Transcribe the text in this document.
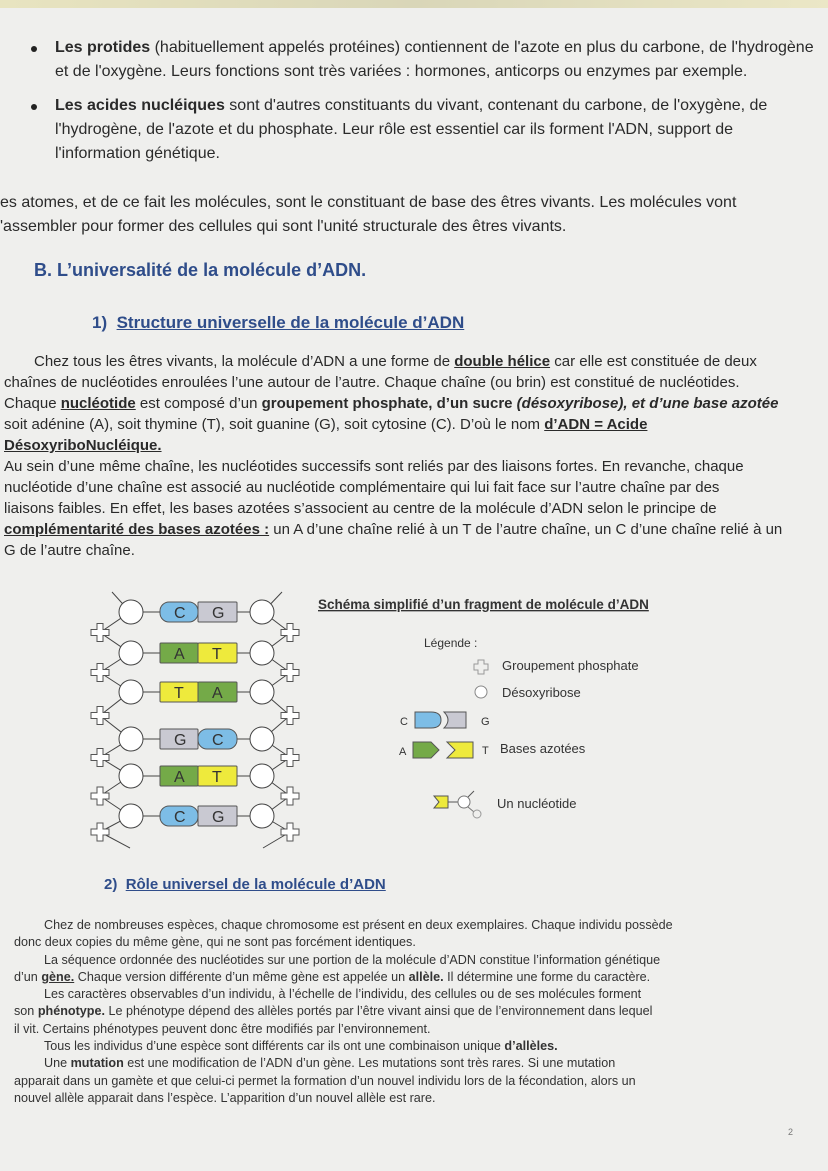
Les protides (habituellement appelés protéines) contiennent de l'azote en plus du carbone, de l'hydrogène
et de l'oxygène. Leurs fonctions sont très variées : hormones, anticorps ou enzymes par exemple.
Les acides nucléiques sont d'autres constituants du vivant, contenant du carbone, de l'oxygène, de
l'hydrogène, de l'azote et du phosphate. Leur rôle est essentiel car ils forment l'ADN, support de
l'information génétique.
es atomes, et de ce fait les molécules, sont le constituant de base des êtres vivants. Les molécules vont
'assembler pour former des cellules qui sont l'unité structurale des êtres vivants.
B. L’universalité de la molécule d’ADN.
1) Structure universelle de la molécule d’ADN
Chez tous les êtres vivants, la molécule d’ADN a une forme de double hélice car elle est constituée de deux
chaînes de nucléotides enroulées l’une autour de l’autre. Chaque chaîne (ou brin) est constitué de nucléotides.
Chaque nucléotide est composé d’un groupement phosphate, d’un sucre (désoxyribose), et d’une base azotée
soit adénine (A), soit thymine (T), soit guanine (G), soit cytosine (C). D’où le nom d’ADN = Acide
DésoxyriboNucléique.
Au sein d’une même chaîne, les nucléotides successifs sont reliés par des liaisons fortes. En revanche, chaque
nucléotide d’une chaîne est associé au nucléotide complémentaire qui lui fait face sur l’autre chaîne par des
liaisons faibles. En effet, les bases azotées s’associent au centre de la molécule d’ADN selon le principe de
complémentarité des bases azotées : un A d’une chaîne relié à un T de l’autre chaîne, un C d’une chaîne relié à un
G de l’autre chaîne.
C G
A T
T A
G C
A T
C G
Schéma simplifié d’un fragment de molécule d’ADN
Légende :
Groupement phosphate
Désoxyribose
C	G
A	T Bases azotées
Un nucléotide
2) Rôle universel de la molécule d’ADN
Chez de nombreuses espèces, chaque chromosome est présent en deux exemplaires. Chaque individu possède
donc deux copies du même gène, qui ne sont pas forcément identiques.
La séquence ordonnée des nucléotides sur une portion de la molécule d’ADN constitue l’information génétique
d’un gène. Chaque version différente d’un même gène est appelée un allèle. Il détermine une forme du caractère.
Les caractères observables d’un individu, à l’échelle de l’individu, des cellules ou de ses molécules forment
son phénotype. Le phénotype dépend des allèles portés par l’être vivant ainsi que de l’environnement dans lequel
il vit. Certains phénotypes peuvent donc être modifiés par l’environnement.
Tous les individus d’une espèce sont différents car ils ont une combinaison unique d’allèles.
Une mutation est une modification de l’ADN d’un gène. Les mutations sont très rares. Si une mutation
apparait dans un gamète et que celui-ci permet la formation d’un nouvel individu lors de la fécondation, alors un
nouvel allèle apparait dans l’espèce. L’apparition d’un nouvel allèle est rare.
2
